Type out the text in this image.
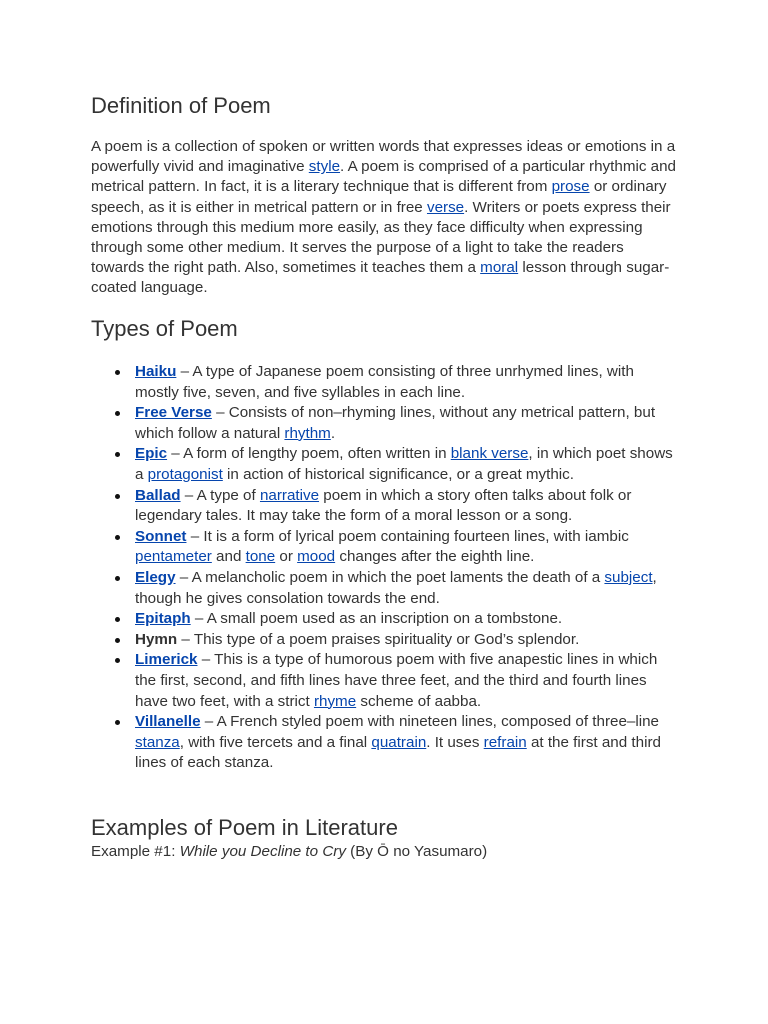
Definition of Poem

A poem is a collection of spoken or written words that expresses ideas or emotions in a powerfully vivid and imaginative style. A poem is comprised of a particular rhythmic and metrical pattern. In fact, it is a literary technique that is different from prose or ordinary speech, as it is either in metrical pattern or in free verse. Writers or poets express their emotions through this medium more easily, as they face difficulty when expressing through some other medium. It serves the purpose of a light to take the readers towards the right path. Also, sometimes it teaches them a moral lesson through sugar-coated language.

Types of Poem
Haiku – A type of Japanese poem consisting of three unrhymed lines, with mostly five, seven, and five syllables in each line.
Free Verse – Consists of non–rhyming lines, without any metrical pattern, but which follow a natural rhythm.
Epic – A form of lengthy poem, often written in blank verse, in which poet shows a protagonist in action of historical significance, or a great mythic.
Ballad – A type of narrative poem in which a story often talks about folk or legendary tales. It may take the form of a moral lesson or a song.
Sonnet – It is a form of lyrical poem containing fourteen lines, with iambic pentameter and tone or mood changes after the eighth line.
Elegy – A melancholic poem in which the poet laments the death of a subject, though he gives consolation towards the end.
Epitaph – A small poem used as an inscription on a tombstone.
Hymn – This type of a poem praises spirituality or God’s splendor.
Limerick – This is a type of humorous poem with five anapestic lines in which the first, second, and fifth lines have three feet, and the third and fourth lines have two feet, with a strict rhyme scheme of aabba.
Villanelle – A French styled poem with nineteen lines, composed of three–line stanza, with five tercets and a final quatrain. It uses refrain at the first and third lines of each stanza.
Examples of Poem in Literature
Example #1: While you Decline to Cry (By Ō no Yasumaro)
